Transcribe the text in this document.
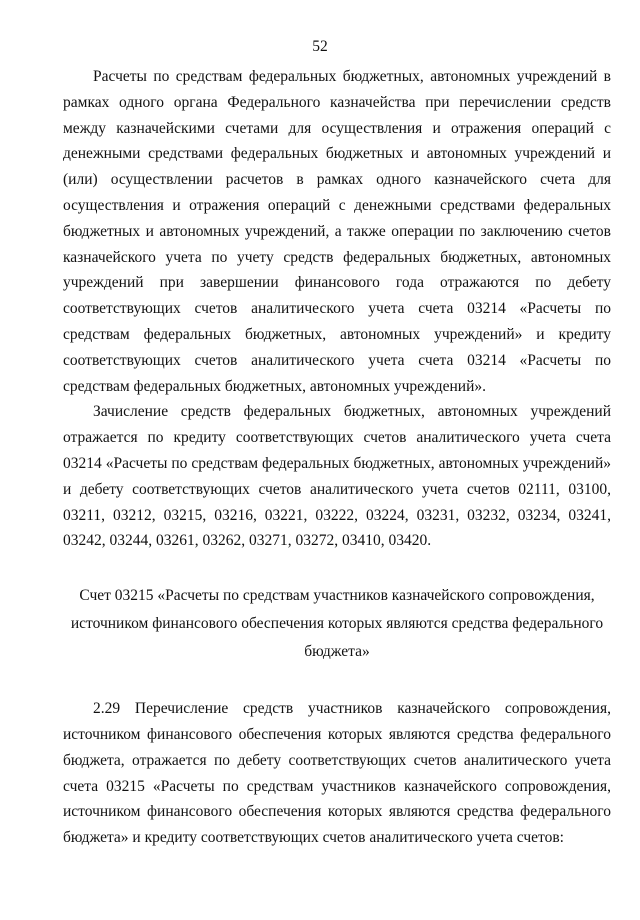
52

Расчеты по средствам федеральных бюджетных, автономных учреждений в рамках одного органа Федерального казначейства при перечислении средств между казначейскими счетами для осуществления и отражения операций с денежными средствами федеральных бюджетных и автономных учреждений и (или) осуществлении расчетов в рамках одного казначейского счета для осуществления и отражения операций с денежными средствами федеральных бюджетных и автономных учреждений, а также операции по заключению счетов казначейского учета по учету средств федеральных бюджетных, автономных учреждений при завершении финансового года отражаются по дебету соответствующих счетов аналитического учета счета 03214 «Расчеты по средствам федеральных бюджетных, автономных учреждений» и кредиту соответствующих счетов аналитического учета счета 03214 «Расчеты по средствам федеральных бюджетных, автономных учреждений».

Зачисление средств федеральных бюджетных, автономных учреждений отражается по кредиту соответствующих счетов аналитического учета счета 03214 «Расчеты по средствам федеральных бюджетных, автономных учреждений» и дебету соответствующих счетов аналитического учета счетов 02111, 03100, 03211, 03212, 03215, 03216, 03221, 03222, 03224, 03231, 03232, 03234, 03241, 03242, 03244, 03261, 03262, 03271, 03272, 03410, 03420.

Счет 03215 «Расчеты по средствам участников казначейского сопровождения, источником финансового обеспечения которых являются средства федерального бюджета»

2.29 Перечисление средств участников казначейского сопровождения, источником финансового обеспечения которых являются средства федерального бюджета, отражается по дебету соответствующих счетов аналитического учета счета 03215 «Расчеты по средствам участников казначейского сопровождения, источником финансового обеспечения которых являются средства федерального бюджета» и кредиту соответствующих счетов аналитического учета счетов:
